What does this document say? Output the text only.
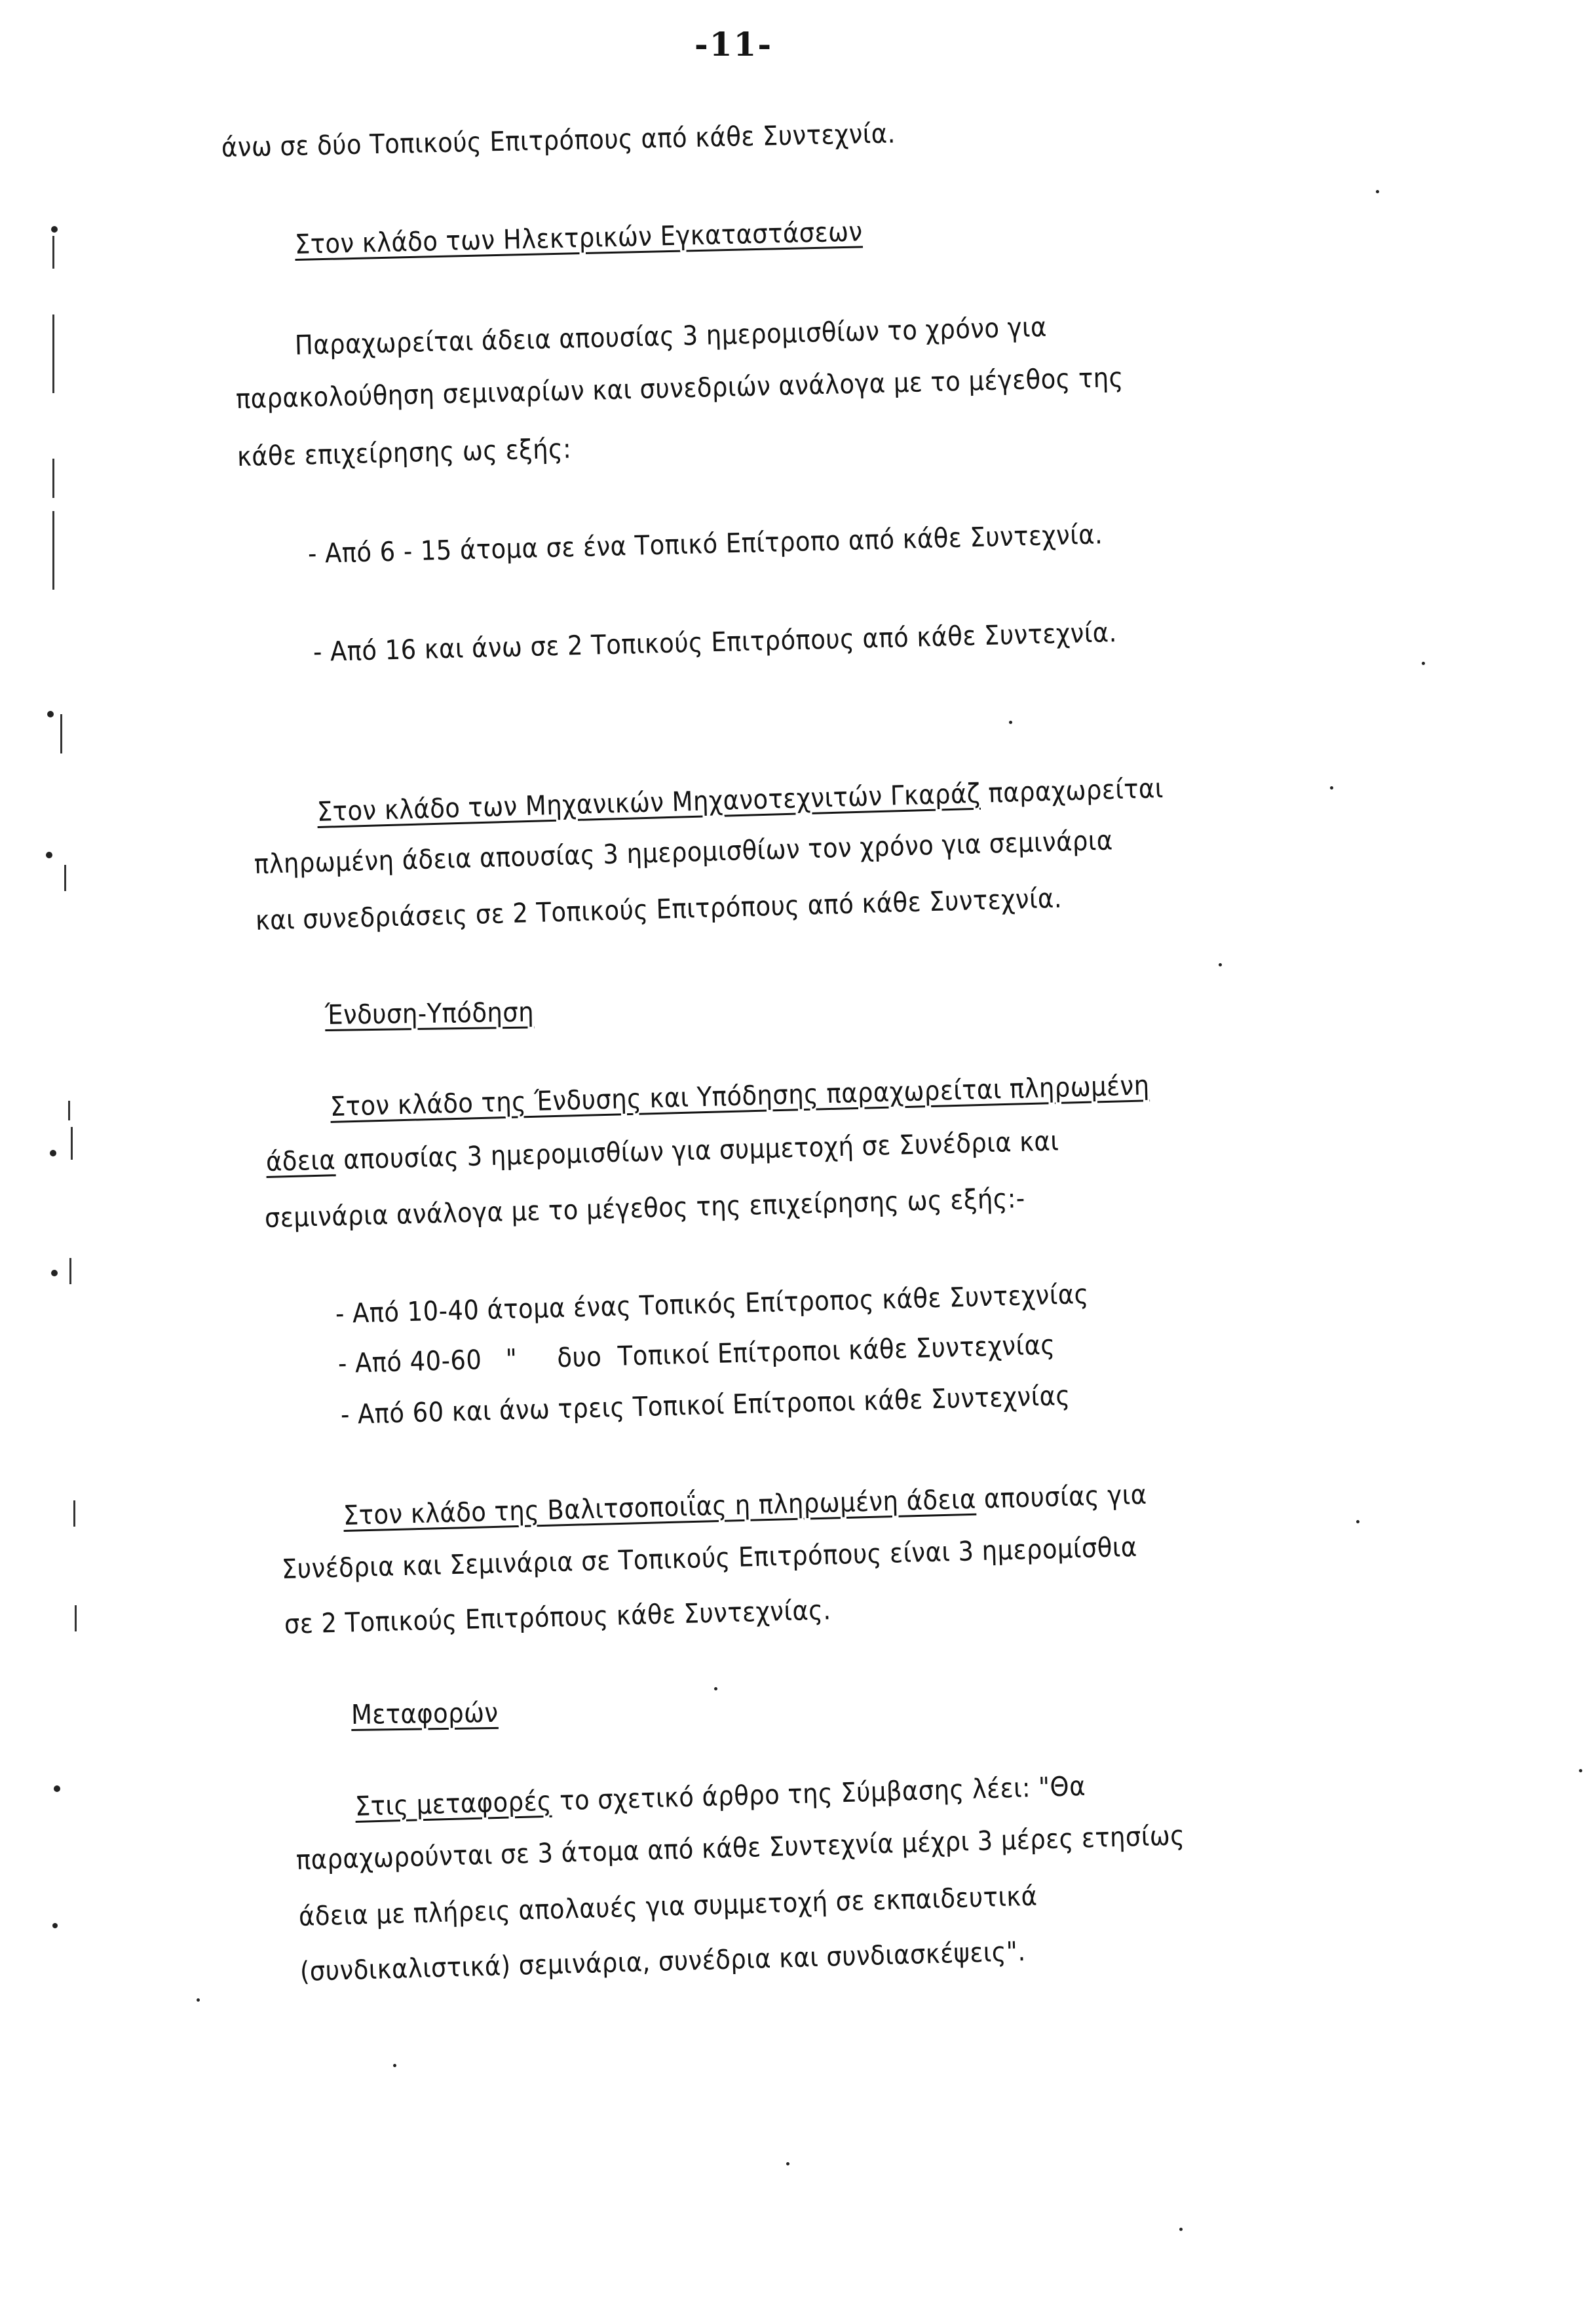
-11-
άνω σε δύο Τοπικούς Επιτρόπους από κάθε Συντεχνία.
Στον κλάδο των Ηλεκτρικών Εγκαταστάσεων
Παραχωρείται άδεια απουσίας 3 ημερομισθίων το χρόνο για
παρακολούθηση σεμιναρίων και συνεδριών ανάλογα με το μέγεθος της
κάθε επιχείρησης ως εξής:
- Από 6 - 15 άτομα σε ένα Τοπικό Επίτροπο από κάθε Συντεχνία.
- Από 16 και άνω σε 2 Τοπικούς Επιτρόπους από κάθε Συντεχνία.
Στον κλάδο των Μηχανικών Μηχανοτεχνιτών Γκαράζ παραχωρείται
πληρωμένη άδεια απουσίας 3 ημερομισθίων τον χρόνο για σεμινάρια
και συνεδριάσεις σε 2 Τοπικούς Επιτρόπους από κάθε Συντεχνία.
Ένδυση-Υπόδηση
Στον κλάδο της Ένδυσης και Υπόδησης παραχωρείται πληρωμένη
άδεια απουσίας 3 ημερομισθίων για συμμετοχή σε Συνέδρια και
σεμινάρια ανάλογα με το μέγεθος της επιχείρησης ως εξής:-
- Από 10-40 άτομα ένας Τοπικός Επίτροπος κάθε Συντεχνίας
- Από 40-60   "     δυο  Τοπικοί Επίτροποι κάθε Συντεχνίας
- Από 60 και άνω τρεις Τοπικοί Επίτροποι κάθε Συντεχνίας
Στον κλάδο της Βαλιτσοποιΐας η πληρωμένη άδεια απουσίας για
Συνέδρια και Σεμινάρια σε Τοπικούς Επιτρόπους είναι 3 ημερομίσθια
σε 2 Τοπικούς Επιτρόπους κάθε Συντεχνίας.
Μεταφορών
Στις μεταφορές το σχετικό άρθρο της Σύμβασης λέει: "Θα
παραχωρούνται σε 3 άτομα από κάθε Συντεχνία μέχρι 3 μέρες ετησίως
άδεια με πλήρεις απολαυές για συμμετοχή σε εκπαιδευτικά
(συνδικαλιστικά) σεμινάρια, συνέδρια και συνδιασκέψεις".
